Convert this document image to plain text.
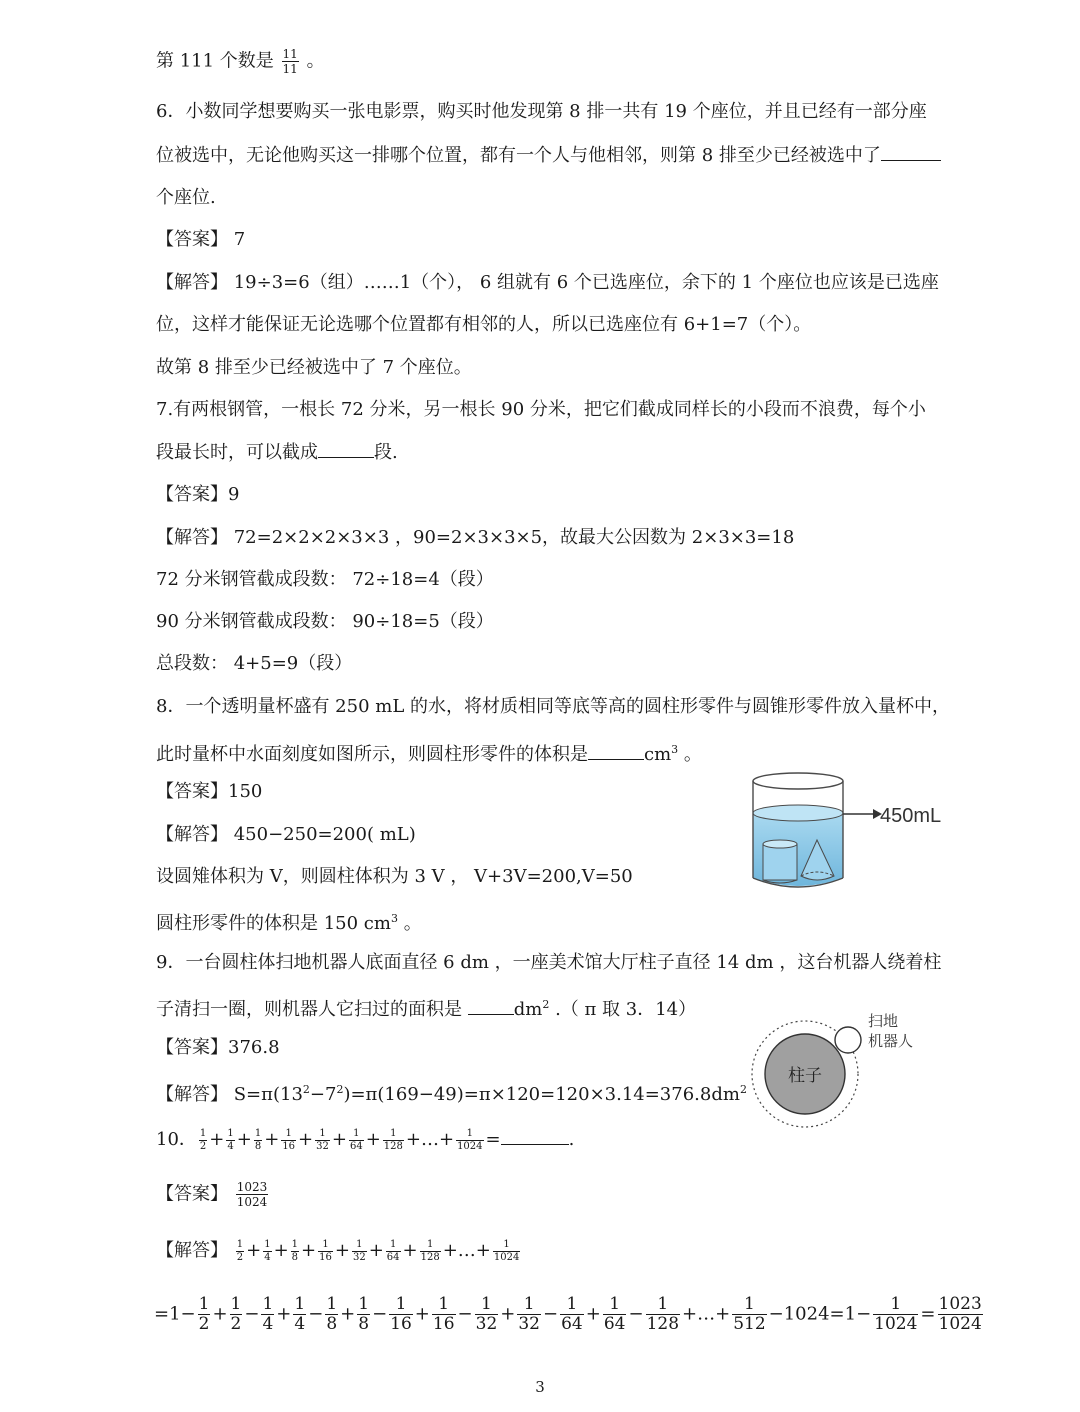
第 111 个数是 $\frac{11}{11}$ 。
6．小数同学想要购买一张电影票，购买时他发现第 8 排一共有 19 个座位，并且已经有一部分座
位被选中，无论他购买这一排哪个位置，都有一个人与他相邻，则第 8 排至少已经被选中了
个座位.
【答案】 7
【解答】 19÷3=6（组）……1（个）， 6 组就有 6 个已选座位，余下的 1 个座位也应该是已选座
位，这样才能保证无论选哪个位置都有相邻的人，所以已选座位有 6+1=7（个）。
故第 8 排至少已经被选中了 7 个座位。
7.有两根钢管，一根长 72 分米，另一根长 90 分米，把它们截成同样长的小段而不浪费，每个小
段最长时，可以截成	段.
【答案】9
【解答】 72=2×2×2×3×3 ，90=2×3×3×5，故最大公因数为 2×3×3=18
72 分米钢管截成段数： 72÷18=4（段）
90 分米钢管截成段数： 90÷18=5（段）
总段数： 4+5=9（段）
8．一个透明量杯盛有 250 mL 的水，将材质相同等底等高的圆柱形零件与圆锥形零件放入量杯中，
此时量杯中水面刻度如图所示，则圆柱形零件的体积是	$cm^3$ 。
【答案】150
【解答】 450−250=200( mL)
设圆雉体积为 V，则圆柱体积为 3 V ， V+3V=200,V=50
圆柱形零件的体积是 150 $cm^3$ 。
450mL
9．一台圆柱体扫地机器人底面直径 6 dm ，一座美术馆大厅柱子直径 14 dm ，这台机器人绕着柱
子清扫一圈，则机器人它扫过的面积是	$dm^2$ .（ π 取 3．14）
【答案】376.8
【解答】 $S=\pi(13^2-7^2)=\pi(169-49)=\pi\times 120=120\times 3.14=376.8dm^2$
柱子
扫地
机器人
10． $\frac{1}{2} + \frac{1}{4} + \frac{1}{8} + \frac{1}{16} + \frac{1}{32} + \frac{1}{64} + \frac{1}{128}$ +…+ $\frac{1}{1024}$ =	.
【答案】 $\frac{1023}{1024}$
【解答】 $\frac{1}{2} + \frac{1}{4} + \frac{1}{8} + \frac{1}{16} + \frac{1}{32} + \frac{1}{64} + \frac{1}{128}$ +…+ $\frac{1}{1024}$
$=1- \frac{1}{2} + \frac{1}{2} - \frac{1}{4} + \frac{1}{4} - \frac{1}{8} + \frac{1}{8} - \frac{1}{16} + \frac{1}{16} - \frac{1}{32} + \frac{1}{32} - \frac{1}{64} + \frac{1}{64} - \frac{1}{128}$ +…+ $\frac{1}{512} -1024=1- \frac{1}{1024} = \frac{1023}{1024}$
3
